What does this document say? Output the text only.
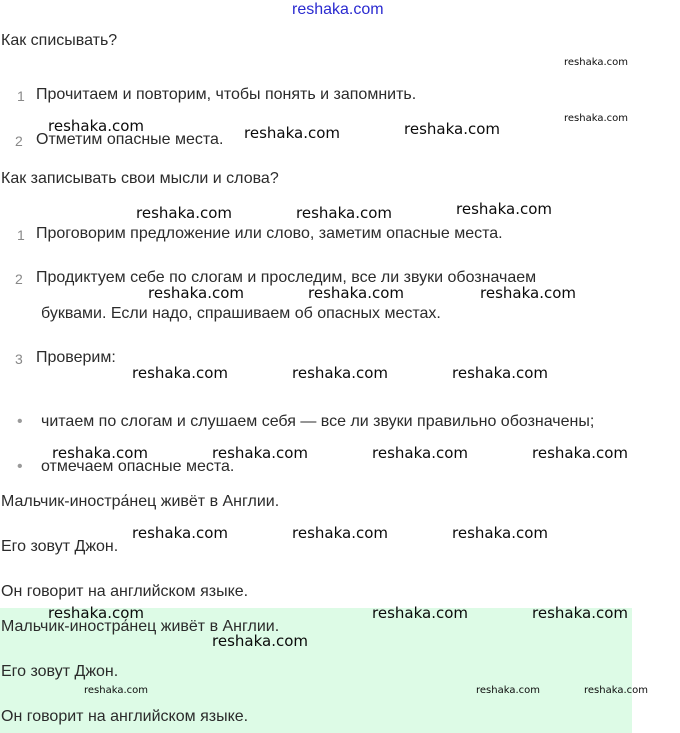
reshaka.com
Как списывать?
1 Прочитаем и повторим, чтобы понять и запомнить.
2 Отметим опасные места.
Как записывать свои мысли и слова?
1 Проговорим предложение или слово, заметим опасные места.
2 Продиктуем себе по слогам и проследим, все ли звуки обозначаем
буквами. Если надо, спрашиваем об опасных местах.
3 Проверим:
• читаем по слогам и слушаем себя — все ли звуки правильно обозначены;
• отмечаем опасные места.
Мальчик-иностра́нец живёт в Англии.
Его зовут Джон.
Он говорит на английском языке.
Мальчик-иностра́нец живёт в Англии.
Его зовут Джон.
Он говорит на английском языке.
reshaka.com
reshaka.com
reshaka.com	reshaka.com	reshaka.com
reshaka.com	reshaka.com	reshaka.com
reshaka.com	reshaka.com	reshaka.com
reshaka.com	reshaka.com	reshaka.com
reshaka.com	reshaka.com	reshaka.com	reshaka.com
reshaka.com	reshaka.com	reshaka.com
reshaka.com	reshaka.com	reshaka.com
reshaka.com
reshaka.com	reshaka.com	reshaka.com
